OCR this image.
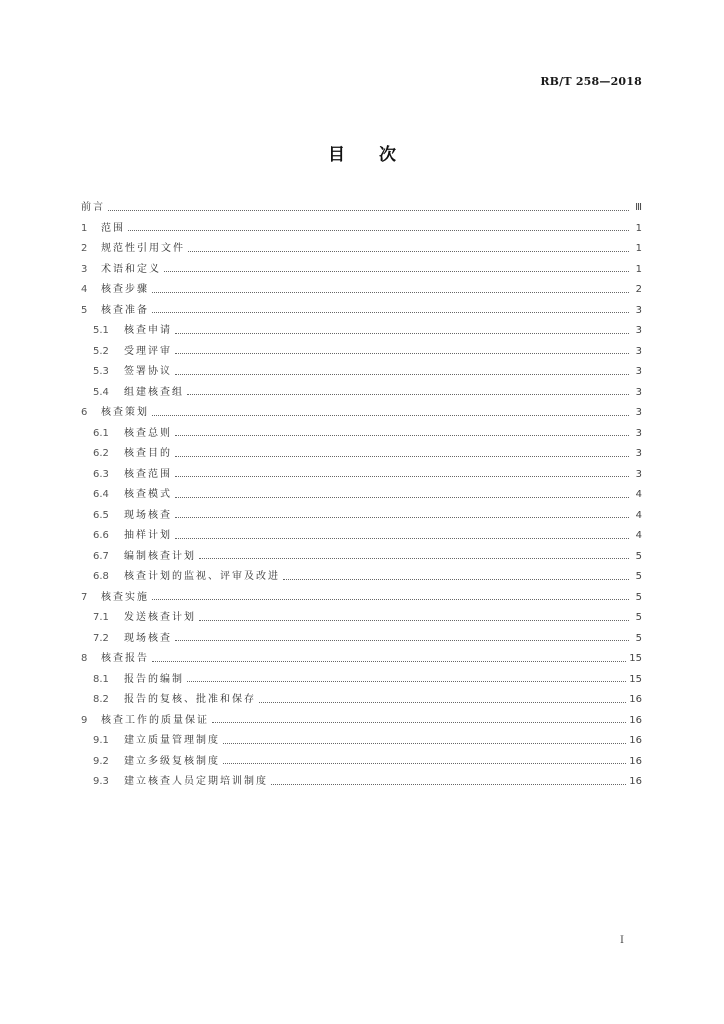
RB/T 258—2018
目次
前言	Ⅲ
1	范围	1
2	规范性引用文件	1
3	术语和定义	1
4	核查步骤	2
5	核查准备	3
5.1	核查申请	3
5.2	受理评审	3
5.3	签署协议	3
5.4	组建核查组	3
6	核查策划	3
6.1	核查总则	3
6.2	核查目的	3
6.3	核查范围	3
6.4	核查模式	4
6.5	现场核查	4
6.6	抽样计划	4
6.7	编制核查计划	5
6.8	核查计划的监视、评审及改进	5
7	核查实施	5
7.1	发送核查计划	5
7.2	现场核查	5
8	核查报告	15
8.1	报告的编制	15
8.2	报告的复核、批准和保存	16
9	核查工作的质量保证	16
9.1	建立质量管理制度	16
9.2	建立多级复核制度	16
9.3	建立核查人员定期培训制度	16
I
